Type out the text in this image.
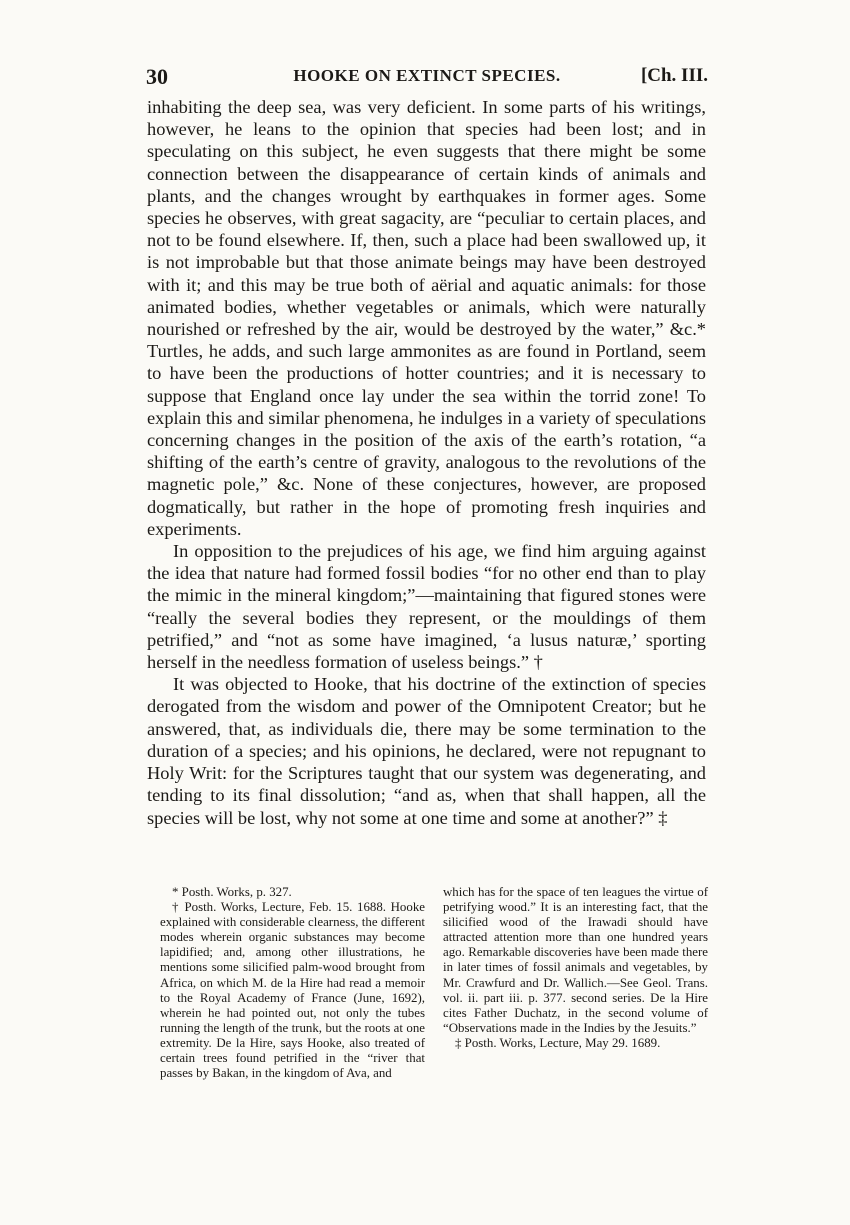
30	HOOKE ON EXTINCT SPECIES.	[Ch. III.

inhabiting the deep sea, was very deficient. In some parts of his writings, however, he leans to the opinion that species had been lost; and in speculating on this subject, he even suggests that there might be some connection between the disappearance of certain kinds of animals and plants, and the changes wrought by earthquakes in former ages. Some species he observes, with great sagacity, are “peculiar to certain places, and not to be found elsewhere. If, then, such a place had been swallowed up, it is not improbable but that those animate beings may have been destroyed with it; and this may be true both of aërial and aquatic animals: for those animated bodies, whether vegetables or animals, which were naturally nourished or refreshed by the air, would be destroyed by the water,” &c.* Turtles, he adds, and such large ammonites as are found in Portland, seem to have been the productions of hotter countries; and it is necessary to suppose that England once lay under the sea within the torrid zone! To explain this and similar phenomena, he indulges in a variety of speculations concerning changes in the position of the axis of the earth’s rotation, “a shifting of the earth’s centre of gravity, analogous to the revolutions of the magnetic pole,” &c. None of these conjectures, however, are proposed dogmatically, but rather in the hope of promoting fresh inquiries and experiments.

In opposition to the prejudices of his age, we find him arguing against the idea that nature had formed fossil bodies “for no other end than to play the mimic in the mineral kingdom;”—maintaining that figured stones were “really the several bodies they represent, or the mouldings of them petrified,” and “not as some have imagined, ‘a lusus naturæ,’ sporting herself in the needless formation of useless beings.” †

It was objected to Hooke, that his doctrine of the extinction of species derogated from the wisdom and power of the Omnipotent Creator; but he answered, that, as individuals die, there may be some termination to the duration of a species; and his opinions, he declared, were not repugnant to Holy Writ: for the Scriptures taught that our system was degenerating, and tending to its final dissolution; “and as, when that shall happen, all the species will be lost, why not some at one time and some at another?” ‡

* Posth. Works, p. 327.

† Posth. Works, Lecture, Feb. 15. 1688. Hooke explained with considerable clearness, the different modes wherein organic substances may become lapidified; and, among other illustrations, he mentions some silicified palm-wood brought from Africa, on which M. de la Hire had read a memoir to the Royal Academy of France (June, 1692), wherein he had pointed out, not only the tubes running the length of the trunk, but the roots at one extremity. De la Hire, says Hooke, also treated of certain trees found petrified in the “river that passes by Bakan, in the kingdom of Ava, and

which has for the space of ten leagues the virtue of petrifying wood.” It is an interesting fact, that the silicified wood of the Irawadi should have attracted attention more than one hundred years ago. Remarkable discoveries have been made there in later times of fossil animals and vegetables, by Mr. Crawfurd and Dr. Wallich.—See Geol. Trans. vol. ii. part iii. p. 377. second series. De la Hire cites Father Duchatz, in the second volume of “Observations made in the Indies by the Jesuits.”

‡ Posth. Works, Lecture, May 29. 1689.
